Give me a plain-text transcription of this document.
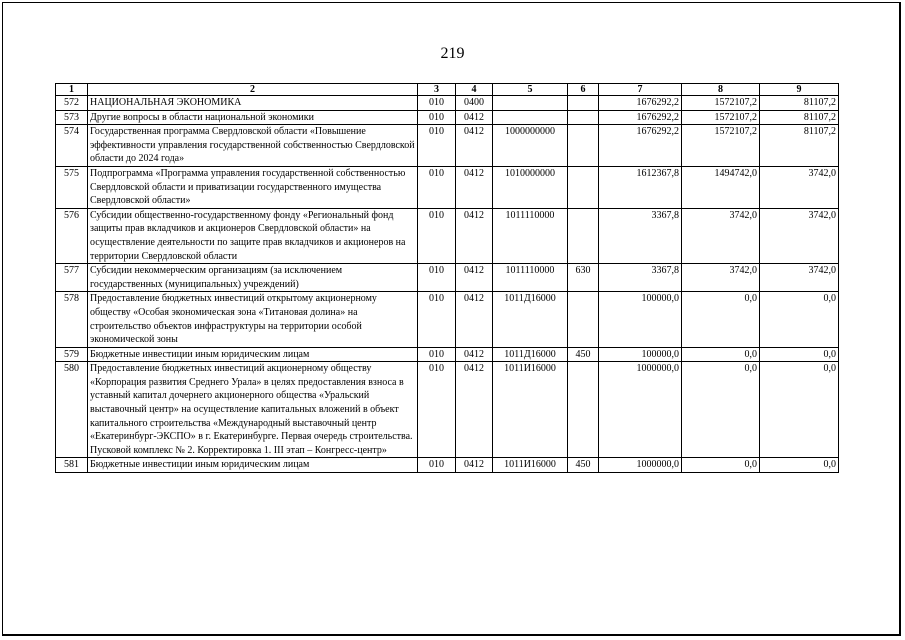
219
1	2	3	4	5	6	7	8	9
572	НАЦИОНАЛЬНАЯ ЭКОНОМИКА	010	0400			1676292,2	1572107,2	81107,2
573	Другие вопросы в области национальной экономики	010	0412			1676292,2	1572107,2	81107,2
574	Государственная программа Свердловской области «Повышение эффективности управления государственной собственностью Свердловской области до 2024 года»	010	0412	1000000000		1676292,2	1572107,2	81107,2
575	Подпрограмма «Программа управления государственной собственностью Свердловской области и приватизации государственного имущества Свердловской области»	010	0412	1010000000		1612367,8	1494742,0	3742,0
576	Субсидии общественно-государственному фонду «Региональный фонд защиты прав вкладчиков и акционеров Свердловской области» на осуществление деятельности по защите прав вкладчиков и акционеров на территории Свердловской области	010	0412	1011110000		3367,8	3742,0	3742,0
577	Субсидии некоммерческим организациям (за исключением государственных (муниципальных) учреждений)	010	0412	1011110000	630	3367,8	3742,0	3742,0
578	Предоставление бюджетных инвестиций открытому акционерному обществу «Особая экономическая зона «Титановая долина» на строительство объектов инфраструктуры на территории особой экономической зоны	010	0412	1011Д16000		100000,0	0,0	0,0
579	Бюджетные инвестиции иным юридическим лицам	010	0412	1011Д16000	450	100000,0	0,0	0,0
580	Предоставление бюджетных инвестиций акционерному обществу «Корпорация развития Среднего Урала» в целях предоставления взноса в уставный капитал дочернего акционерного общества «Уральский выставочный центр» на осуществление капитальных вложений в объект капитального строительства «Международный выставочный центр «Екатеринбург-ЭКСПО» в г. Екатеринбурге. Первая очередь строительства. Пусковой комплекс № 2. Корректировка 1. III этап – Конгресс-центр»	010	0412	1011И16000		1000000,0	0,0	0,0
581	Бюджетные инвестиции иным юридическим лицам	010	0412	1011И16000	450	1000000,0	0,0	0,0
